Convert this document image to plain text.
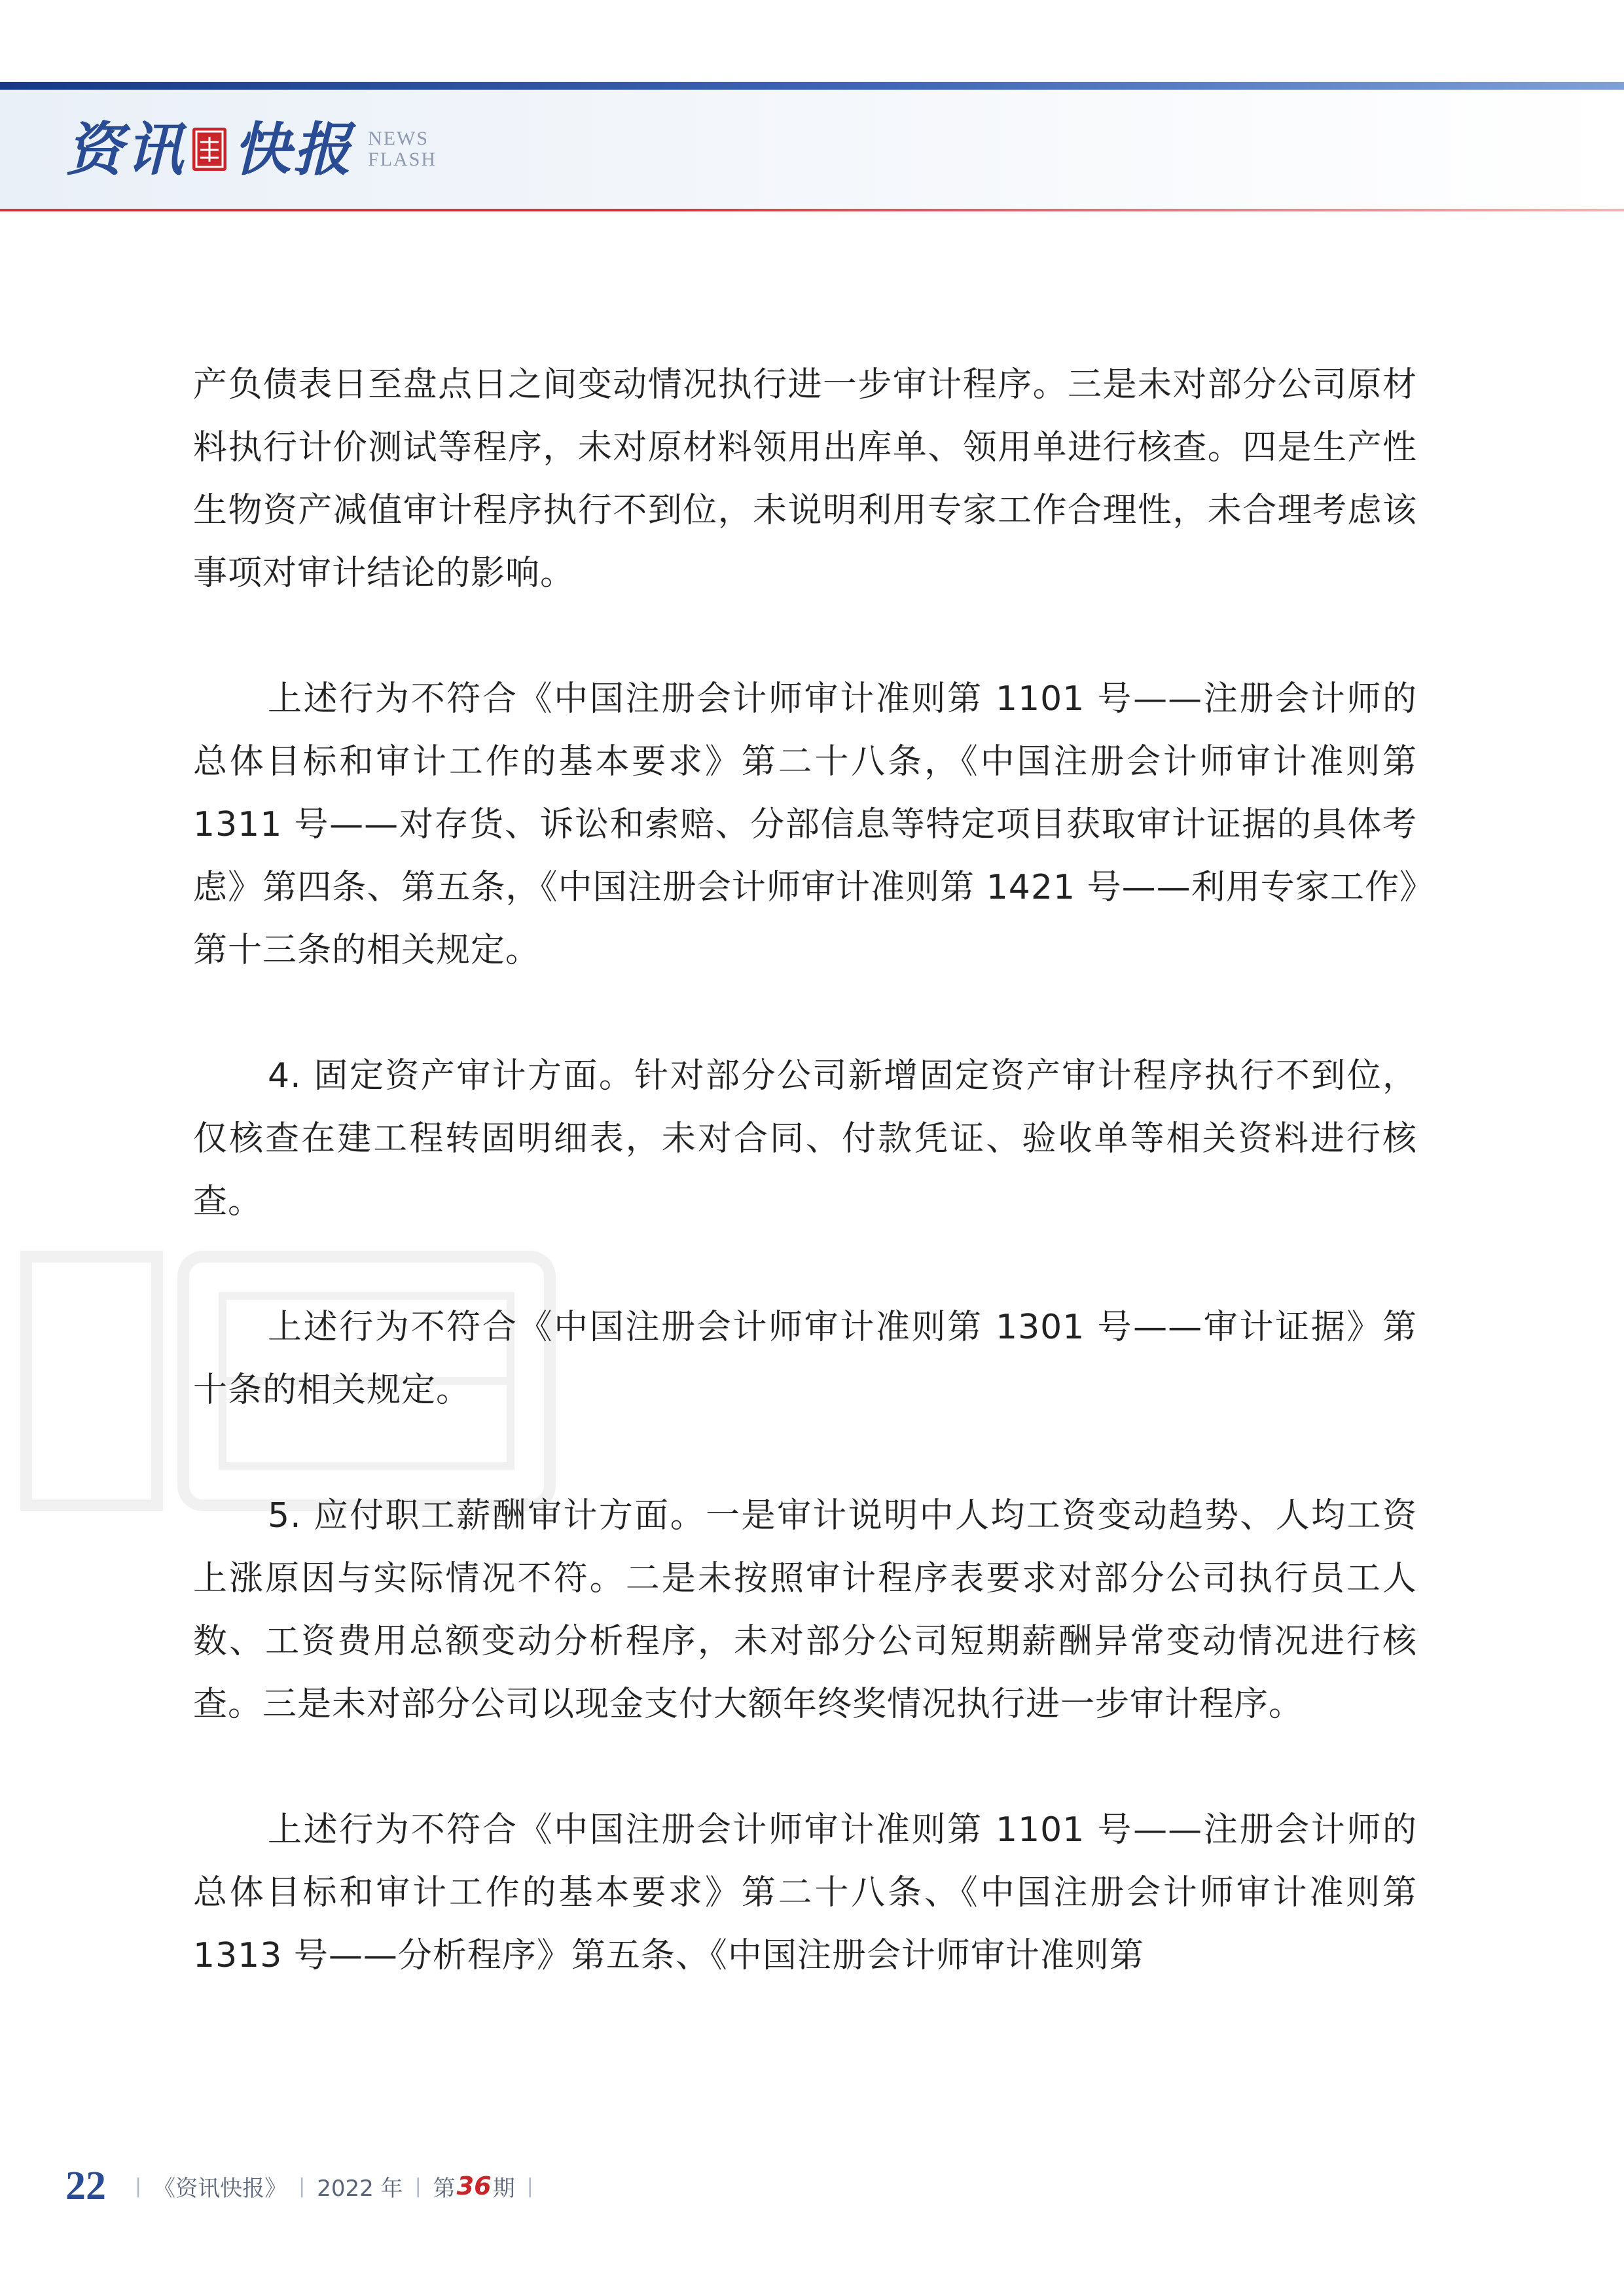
资讯 快报 NEWS
FLASH

产负债表日至盘点日之间变动情况执行进一步审计程序。三是未对部分公司原材料执行计价测试等程序，未对原材料领用出库单、领用单进行核查。四是生产性生物资产减值审计程序执行不到位，未说明利用专家工作合理性，未合理考虑该事项对审计结论的影响。

上述行为不符合《中国注册会计师审计准则第 1101 号——注册会计师的总体目标和审计工作的基本要求》第二十八条，《中国注册会计师审计准则第 1311 号——对存货、诉讼和索赔、分部信息等特定项目获取审计证据的具体考虑》第四条、第五条，《中国注册会计师审计准则第 1421 号——利用专家工作》第十三条的相关规定。

4. 固定资产审计方面。针对部分公司新增固定资产审计程序执行不到位，仅核查在建工程转固明细表，未对合同、付款凭证、验收单等相关资料进行核查。

上述行为不符合《中国注册会计师审计准则第 1301 号——审计证据》第十条的相关规定。

5. 应付职工薪酬审计方面。一是审计说明中人均工资变动趋势、人均工资上涨原因与实际情况不符。二是未按照审计程序表要求对部分公司执行员工人数、工资费用总额变动分析程序，未对部分公司短期薪酬异常变动情况进行核查。三是未对部分公司以现金支付大额年终奖情况执行进一步审计程序。

上述行为不符合《中国注册会计师审计准则第 1101 号——注册会计师的总体目标和审计工作的基本要求》第二十八条、《中国注册会计师审计准则第 1313 号——分析程序》第五条、《中国注册会计师审计准则第

22 | 《资讯快报》 | 2022 年 | 第 36 期 |
